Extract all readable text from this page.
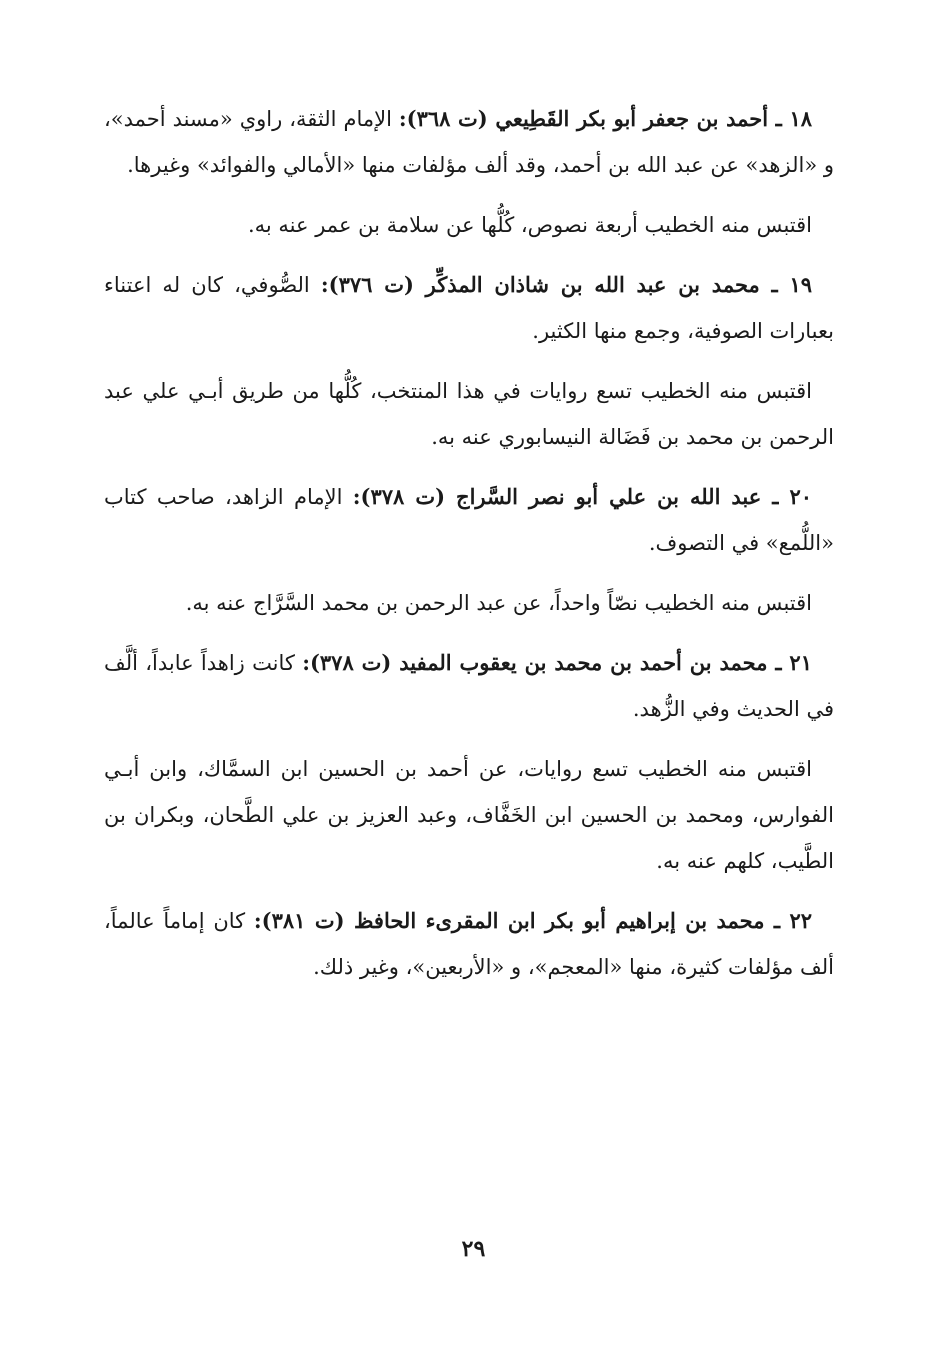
١٨ ـ أحمد بن جعفر أبو بكر القَطِيعي (ت ٣٦٨): الإمام الثقة، راوي «مسند أحمد»، و «الزهد» عن عبد الله بن أحمد، وقد ألف مؤلفات منها «الأمالي والفوائد» وغيرها.

اقتبس منه الخطيب أربعة نصوص، كُلُّها عن سلامة بن عمر عنه به.

١٩ ـ محمد بن عبد الله بن شاذان المذكِّر (ت ٣٧٦): الصُّوفي، كان له اعتناء بعبارات الصوفية، وجمع منها الكثير.

اقتبس منه الخطيب تسع روايات في هذا المنتخب، كُلُّها من طريق أبـي علي عبد الرحمن بن محمد بن فَضَالة النيسابوري عنه به.

٢٠ ـ عبد الله بن علي أبو نصر السَّراج (ت ٣٧٨): الإمام الزاهد، صاحب كتاب «اللُّمع» في التصوف.

اقتبس منه الخطيب نصّاً واحداً، عن عبد الرحمن بن محمد السَّرَّاج عنه به.

٢١ ـ محمد بن أحمد بن محمد بن يعقوب المفيد (ت ٣٧٨): كانت زاهداً عابداً، ألَّف في الحديث وفي الزُّهد.

اقتبس منه الخطيب تسع روايات، عن أحمد بن الحسين ابن السمَّاك، وابن أبـي الفوارس، ومحمد بن الحسين ابن الخَفَّاف، وعبد العزيز بن علي الطَّحان، وبكران بن الطَّيب، كلهم عنه به.

٢٢ ـ محمد بن إبراهيم أبو بكر ابن المقرىء الحافظ (ت ٣٨١): كان إماماً عالماً، ألف مؤلفات كثيرة، منها «المعجم»، و «الأربعين»، وغير ذلك.

٢٩
